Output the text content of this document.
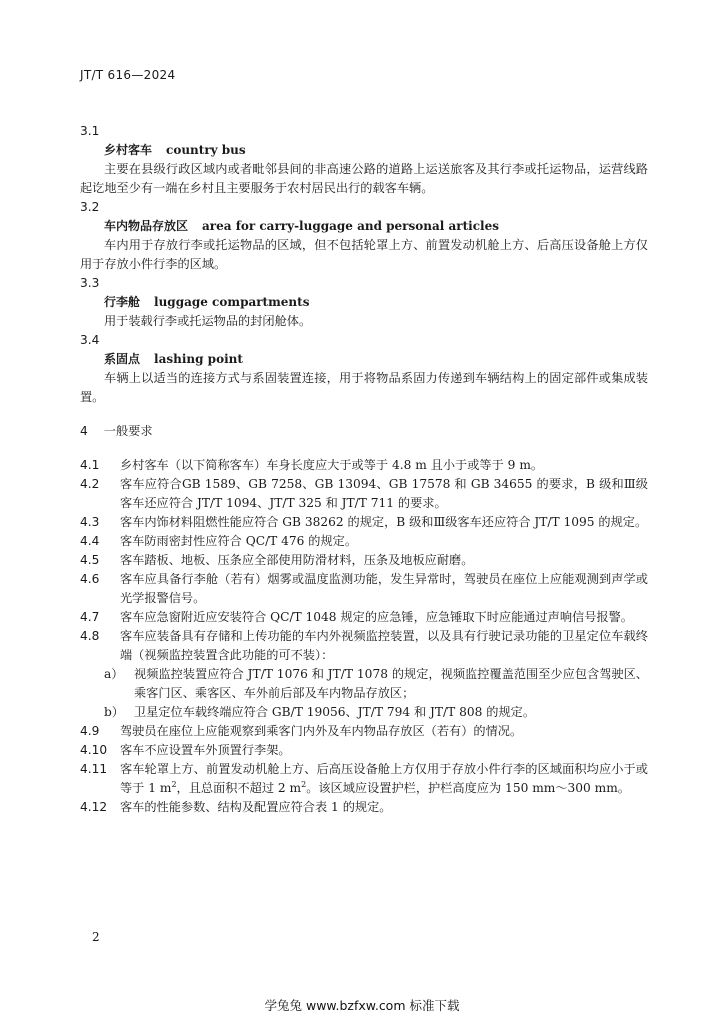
JT/T 616—2024
3.1
乡村客车 country bus
主要在县级行政区域内或者毗邻县间的非高速公路的道路上运送旅客及其行李或托运物品，运营线路起讫地至少有一端在乡村且主要服务于农村居民出行的载客车辆。
3.2
车内物品存放区 area for carry-luggage and personal articles
车内用于存放行李或托运物品的区域，但不包括轮罩上方、前置发动机舱上方、后高压设备舱上方仅用于存放小件行李的区域。
3.3
行李舱 luggage compartments
用于装载行李或托运物品的封闭舱体。
3.4
系固点 lashing point
车辆上以适当的连接方式与系固装置连接，用于将物品系固力传递到车辆结构上的固定部件或集成装置。
4 一般要求
4.1	乡村客车（以下简称客车）车身长度应大于或等于 4.8 m 且小于或等于 9 m。
4.2	客车应符合GB 1589、GB 7258、GB 13094、GB 17578 和 GB 34655 的要求，B 级和Ⅲ级客车还应符合 JT/T 1094、JT/T 325 和 JT/T 711 的要求。
4.3	客车内饰材料阻燃性能应符合 GB 38262 的规定，B 级和Ⅲ级客车还应符合 JT/T 1095 的规定。
4.4	客车防雨密封性应符合 QC/T 476 的规定。
4.5	客车踏板、地板、压条应全部使用防滑材料，压条及地板应耐磨。
4.6	客车应具备行李舱（若有）烟雾或温度监测功能，发生异常时，驾驶员在座位上应能观测到声学或光学报警信号。
4.7	客车应急窗附近应安装符合 QC/T 1048 规定的应急锤，应急锤取下时应能通过声响信号报警。
4.8	客车应装备具有存储和上传功能的车内外视频监控装置，以及具有行驶记录功能的卫星定位车载终端（视频监控装置含此功能的可不装）：
a） 视频监控装置应符合 JT/T 1076 和 JT/T 1078 的规定，视频监控覆盖范围至少应包含驾驶区、乘客门区、乘客区、车外前后部及车内物品存放区；
b） 卫星定位车载终端应符合 GB/T 19056、JT/T 794 和 JT/T 808 的规定。
4.9	驾驶员在座位上应能观察到乘客门内外及车内物品存放区（若有）的情况。
4.10	客车不应设置车外顶置行李架。
4.11	客车轮罩上方、前置发动机舱上方、后高压设备舱上方仅用于存放小件行李的区域面积均应小于或等于 1 $m^2$，且总面积不超过 2 $m^2$。该区域应设置护栏，护栏高度应为 150 mm～300 mm。
4.12	客车的性能参数、结构及配置应符合表 1 的规定。
2
学兔兔 www.bzfxw.com 标准下载
